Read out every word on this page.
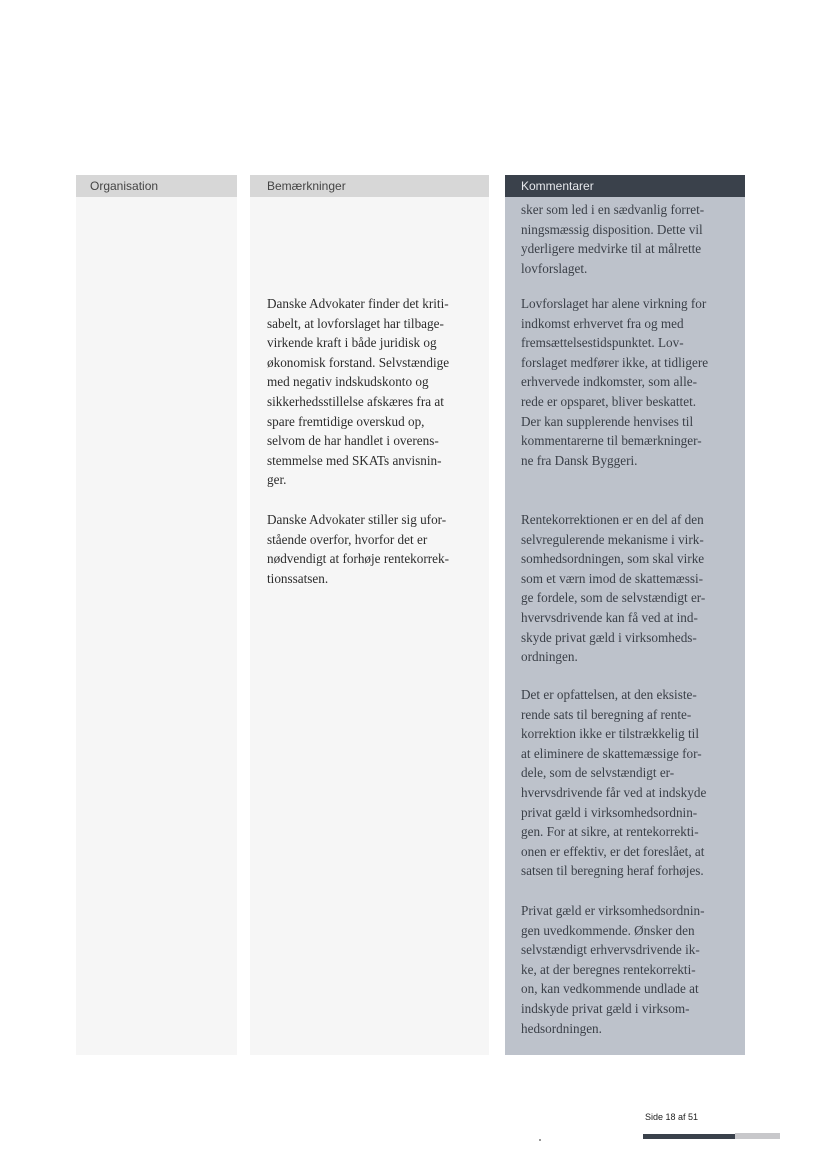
Organisation	Bemærkninger	Kommentarer
Danske Advokater finder det kriti-
sabelt, at lovforslaget har tilbage-
virkende kraft i både juridisk og
økonomisk forstand. Selvstændige
med negativ indskudskonto og
sikkerhedsstillelse afskæres fra at
spare fremtidige overskud op,
selvom de har handlet i overens-
stemmelse med SKATs anvisnin-
ger.
Danske Advokater stiller sig ufor-
stående overfor, hvorfor det er
nødvendigt at forhøje rentekorrek-
tionssatsen.
sker som led i en sædvanlig forret-
ningsmæssig disposition. Dette vil
yderligere medvirke til at målrette
lovforslaget.
Lovforslaget har alene virkning for
indkomst erhvervet fra og med
fremsættelsestidspunktet. Lov-
forslaget medfører ikke, at tidligere
erhvervede indkomster, som alle-
rede er opsparet, bliver beskattet.
Der kan supplerende henvises til
kommentarerne til bemærkninger-
ne fra Dansk Byggeri.
Rentekorrektionen er en del af den
selvregulerende mekanisme i virk-
somhedsordningen, som skal virke
som et værn imod de skattemæssi-
ge fordele, som de selvstændigt er-
hvervsdrivende kan få ved at ind-
skyde privat gæld i virksomheds-
ordningen.
Det er opfattelsen, at den eksiste-
rende sats til beregning af rente-
korrektion ikke er tilstrækkelig til
at eliminere de skattemæssige for-
dele, som de selvstændigt er-
hvervsdrivende får ved at indskyde
privat gæld i virksomhedsordnin-
gen. For at sikre, at rentekorrekti-
onen er effektiv, er det foreslået, at
satsen til beregning heraf forhøjes.
Privat gæld er virksomhedsordnin-
gen uvedkommende. Ønsker den
selvstændigt erhvervsdrivende ik-
ke, at der beregnes rentekorrekti-
on, kan vedkommende undlade at
indskyde privat gæld i virksom-
hedsordningen.
Side 18 af 51
